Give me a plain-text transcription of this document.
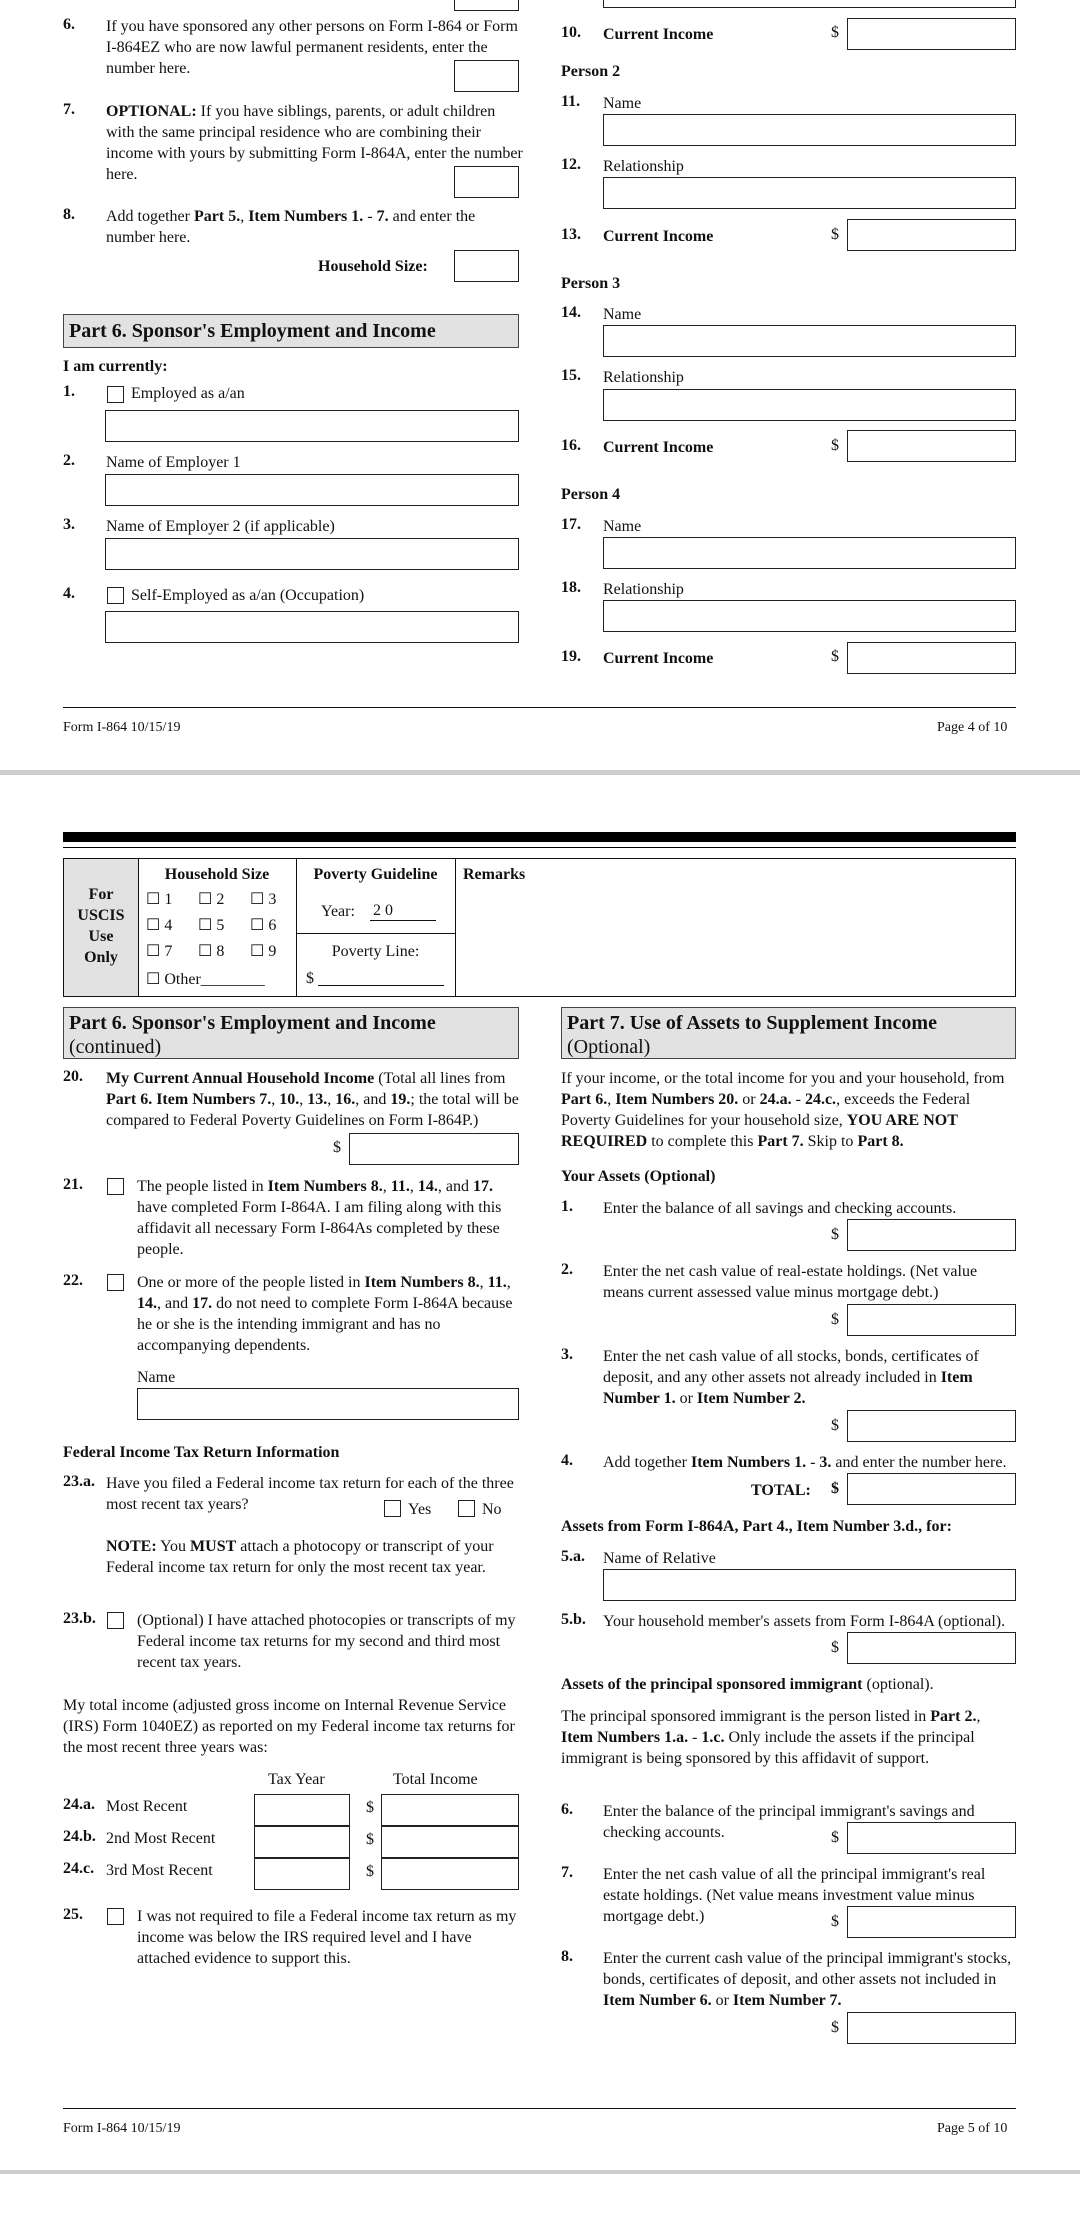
6. If you have sponsored any other persons on Form I-864 or Form I-864EZ who are now lawful permanent residents, enter the number here.
7. OPTIONAL: If you have siblings, parents, or adult children with the same principal residence who are combining their income with yours by submitting Form I-864A, enter the number here.
8. Add together Part 5., Item Numbers 1. - 7. and enter the number here.
Household Size:
Part 6. Sponsor's Employment and Income
I am currently:
1.	Employed as a/an
2. Name of Employer 1
3. Name of Employer 2 (if applicable)
4.	Self-Employed as a/an (Occupation)
10. Current Income	$
Person 2
11. Name
12. Relationship
13. Current Income	$
Person 3
14. Name
15. Relationship
16. Current Income	$
Person 4
17. Name
18. Relationship
19. Current Income	$
Form I-864 10/15/19	Page 4 of 10
For USCIS Use Only
Household Size
☐ 1 ☐ 2 ☐ 3
☐ 4 ☐ 5 ☐ 6
☐ 7 ☐ 8 ☐ 9
☐ Other________
Poverty Guideline
Year: 2 0
Poverty Line:
$
Remarks
Part 6. Sponsor's Employment and Income
(continued)
20. My Current Annual Household Income (Total all lines from Part 6. Item Numbers 7., 10., 13., 16., and 19.; the total will be compared to Federal Poverty Guidelines on Form I-864P.)
$
21.	The people listed in Item Numbers 8., 11., 14., and 17. have completed Form I-864A. I am filing along with this affidavit all necessary Form I-864As completed by these people.
22.	One or more of the people listed in Item Numbers 8., 11., 14., and 17. do not need to complete Form I-864A because he or she is the intending immigrant and has no accompanying dependents.
Name
Federal Income Tax Return Information
23.a. Have you filed a Federal income tax return for each of the three most recent tax years?	Yes	No
NOTE: You MUST attach a photocopy or transcript of your Federal income tax return for only the most recent tax year.
23.b.	(Optional) I have attached photocopies or transcripts of my Federal income tax returns for my second and third most recent tax years.
My total income (adjusted gross income on Internal Revenue Service (IRS) Form 1040EZ) as reported on my Federal income tax returns for the most recent three years was:
Tax Year	Total Income
24.a. Most Recent	$
24.b. 2nd Most Recent	$
24.c. 3rd Most Recent	$
25.	I was not required to file a Federal income tax return as my income was below the IRS required level and I have attached evidence to support this.
Part 7. Use of Assets to Supplement Income
(Optional)
If your income, or the total income for you and your household, from Part 6., Item Numbers 20. or 24.a. - 24.c., exceeds the Federal Poverty Guidelines for your household size, YOU ARE NOT REQUIRED to complete this Part 7. Skip to Part 8.
Your Assets (Optional)
1. Enter the balance of all savings and checking accounts.
$
2. Enter the net cash value of real-estate holdings. (Net value means current assessed value minus mortgage debt.)
$
3. Enter the net cash value of all stocks, bonds, certificates of deposit, and any other assets not already included in Item Number 1. or Item Number 2.
$
4. Add together Item Numbers 1. - 3. and enter the number here.
TOTAL: $
Assets from Form I-864A, Part 4., Item Number 3.d., for:
5.a. Name of Relative
5.b. Your household member's assets from Form I-864A (optional).
$
Assets of the principal sponsored immigrant (optional).
The principal sponsored immigrant is the person listed in Part 2., Item Numbers 1.a. - 1.c. Only include the assets if the principal immigrant is being sponsored by this affidavit of support.
6. Enter the balance of the principal immigrant's savings and checking accounts.	$
7. Enter the net cash value of all the principal immigrant's real estate holdings. (Net value means investment value minus mortgage debt.)	$
8. Enter the current cash value of the principal immigrant's stocks, bonds, certificates of deposit, and other assets not included in Item Number 6. or Item Number 7.
$
Form I-864 10/15/19	Page 5 of 10
